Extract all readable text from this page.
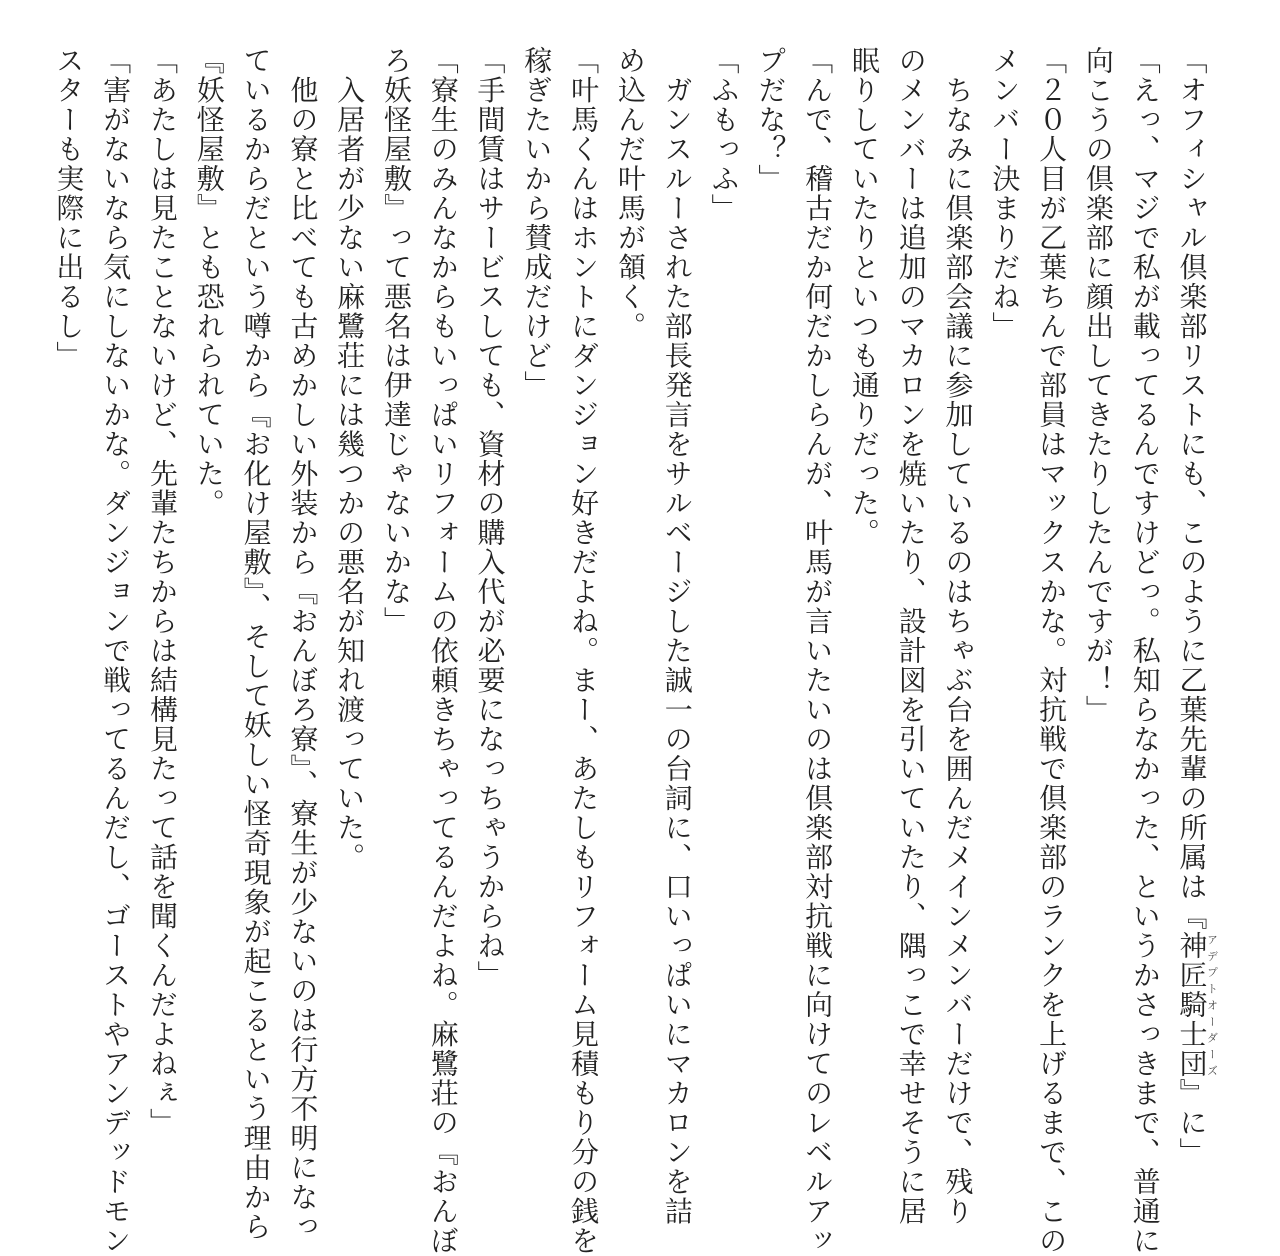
「オフィシャル倶楽部リストにも、このように乙葉先輩の所属は『神匠騎士団アデプトオーダーズ』に」
「えっ、マジで私が載ってるんですけどっ。私知らなかった、というかさっきまで、普通に
向こうの倶楽部に顔出してきたりしたんですが！」
「２０人目が乙葉ちんで部員はマックスかな。対抗戦で倶楽部のランクを上げるまで、この
メンバー決まりだね」
　ちなみに倶楽部会議に参加しているのはちゃぶ台を囲んだメインメンバーだけで、残り
のメンバーは追加のマカロンを焼いたり、設計図を引いていたり、隅っこで幸せそうに居
眠りしていたりといつも通りだった。
「んで、稽古だか何だかしらんが、叶馬が言いたいのは倶楽部対抗戦に向けてのレベルアッ
プだな？」
「ふもっふ」
　ガンスルーされた部長発言をサルベージした誠一の台詞に、口いっぱいにマカロンを詰
め込んだ叶馬が頷く。
「叶馬くんはホントにダンジョン好きだよね。まー、あたしもリフォーム見積もり分の銭を
稼ぎたいから賛成だけど」
「手間賃はサービスしても、資材の購入代が必要になっちゃうからね」
「寮生のみんなからもいっぱいリフォームの依頼きちゃってるんだよね。麻鷺荘の『おんぼ
ろ妖怪屋敷』って悪名は伊達じゃないかな」
　入居者が少ない麻鷺荘には幾つかの悪名が知れ渡っていた。
　他の寮と比べても古めかしい外装から『おんぼろ寮』、寮生が少ないのは行方不明になっ
ているからだという噂から『お化け屋敷』、そして妖しい怪奇現象が起こるという理由から
『妖怪屋敷』とも恐れられていた。
「あたしは見たことないけど、先輩たちからは結構見たって話を聞くんだよねぇ」
「害がないなら気にしないかな。ダンジョンで戦ってるんだし、ゴーストやアンデッドモン
スターも実際に出るし」
